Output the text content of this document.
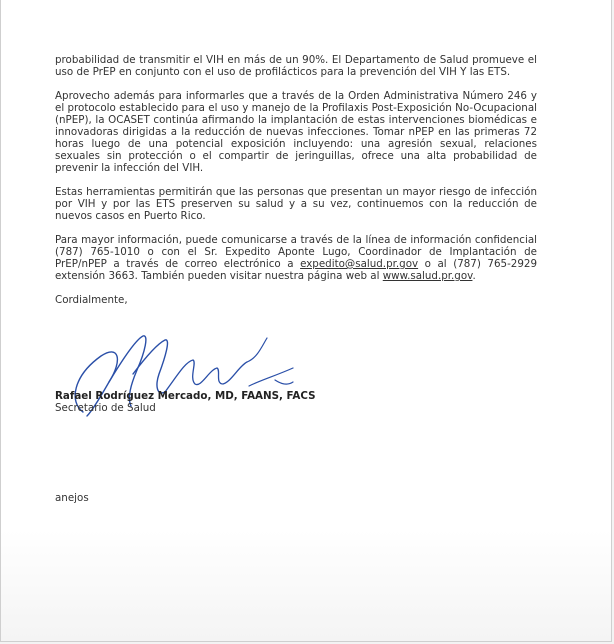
probabilidad de transmitir el VIH en más de un 90%. El Departamento de Salud promueve el uso de PrEP en conjunto con el uso de profilácticos para la prevención del VIH Y las ETS.

Aprovecho además para informarles que a través de la Orden Administrativa Número 246 y el protocolo establecido para el uso y manejo de la Profilaxis Post-Exposición No-Ocupacional (nPEP), la OCASET continúa afirmando la implantación de estas intervenciones biomédicas e innovadoras dirigidas a la reducción de nuevas infecciones. Tomar nPEP en las primeras 72 horas luego de una potencial exposición incluyendo: una agresión sexual, relaciones sexuales sin protección o el compartir de jeringuillas, ofrece una alta probabilidad de prevenir la infección del VIH.

Estas herramientas permitirán que las personas que presentan un mayor riesgo de infección por VIH y por las ETS preserven su salud y a su vez, continuemos con la reducción de nuevos casos en Puerto Rico.

Para mayor información, puede comunicarse a través de la línea de información confidencial (787) 765-1010 o con el Sr. Expedito Aponte Lugo, Coordinador de Implantación de PrEP/nPEP a través de correo electrónico a expedito@salud.pr.gov o al (787) 765-2929 extensión 3663. También pueden visitar nuestra página web al www.salud.pr.gov.

Cordialmente,
Rafael Rodríguez Mercado, MD, FAANS, FACS
Secretario de Salud
anejos
